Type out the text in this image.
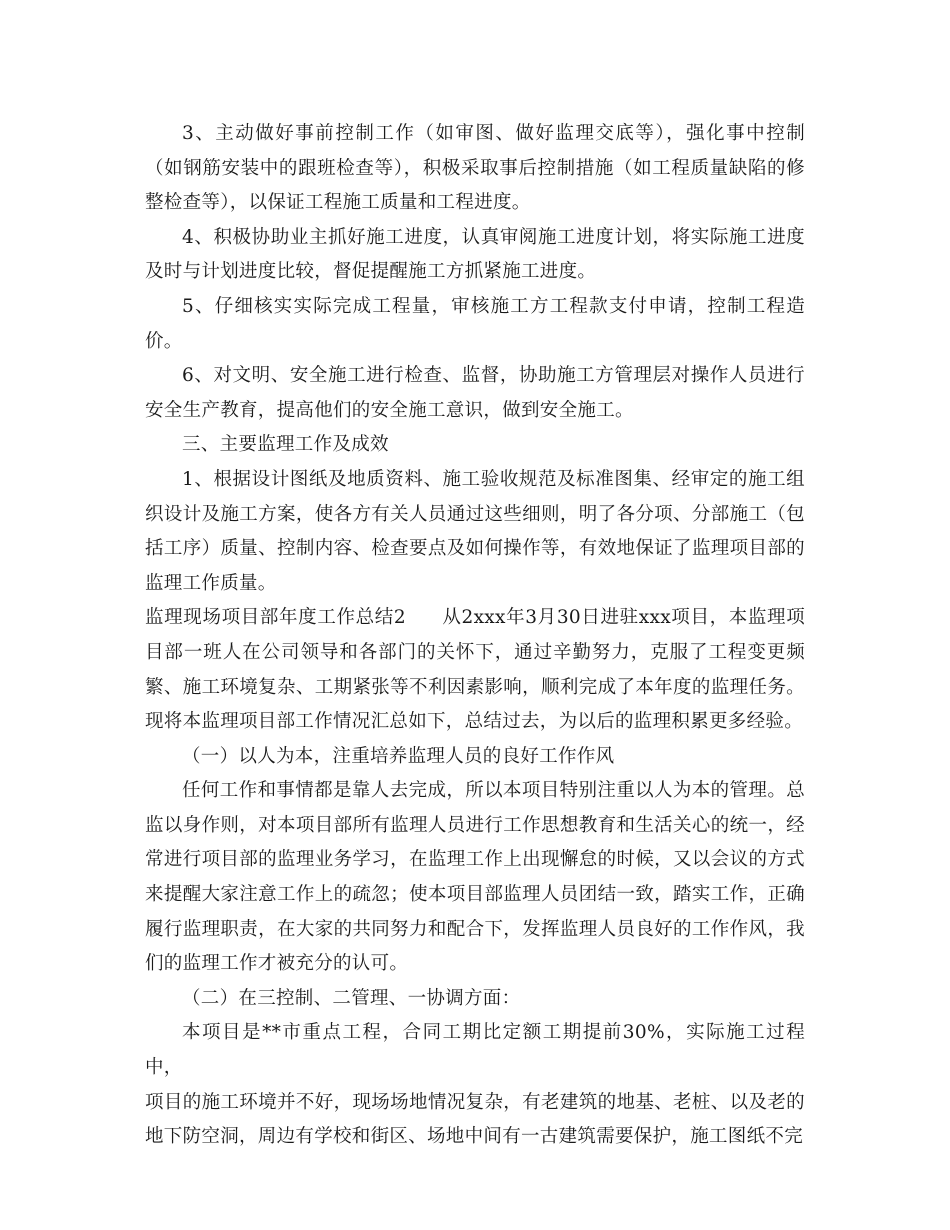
3、主动做好事前控制工作（如审图、做好监理交底等），强化事中控制（如钢筋安装中的跟班检查等），积极采取事后控制措施（如工程质量缺陷的修整检查等），以保证工程施工质量和工程进度。

4、积极协助业主抓好施工进度，认真审阅施工进度计划，将实际施工进度及时与计划进度比较，督促提醒施工方抓紧施工进度。

5、仔细核实实际完成工程量，审核施工方工程款支付申请，控制工程造价。

6、对文明、安全施工进行检查、监督，协助施工方管理层对操作人员进行安全生产教育，提高他们的安全施工意识，做到安全施工。

三、主要监理工作及成效

1、根据设计图纸及地质资料、施工验收规范及标准图集、经审定的施工组织设计及施工方案，使各方有关人员通过这些细则，明了各分项、分部施工（包括工序）质量、控制内容、检查要点及如何操作等，有效地保证了监理项目部的监理工作质量。

监理现场项目部年度工作总结2 从2xxx年3月30日进驻xxx项目，本监理项目部一班人在公司领导和各部门的关怀下，通过辛勤努力，克服了工程变更频繁、施工环境复杂、工期紧张等不利因素影响，顺利完成了本年度的监理任务。现将本监理项目部工作情况汇总如下，总结过去，为以后的监理积累更多经验。

（一）以人为本，注重培养监理人员的良好工作作风

任何工作和事情都是靠人去完成，所以本项目特别注重以人为本的管理。总监以身作则，对本项目部所有监理人员进行工作思想教育和生活关心的统一，经常进行项目部的监理业务学习，在监理工作上出现懈怠的时候，又以会议的方式来提醒大家注意工作上的疏忽；使本项目部监理人员团结一致，踏实工作，正确履行监理职责，在大家的共同努力和配合下，发挥监理人员良好的工作作风，我们的监理工作才被充分的认可。

（二）在三控制、二管理、一协调方面：

本项目是**市重点工程，合同工期比定额工期提前30%，实际施工过程中，

项目的施工环境并不好，现场场地情况复杂，有老建筑的地基、老桩、以及老的地下防空洞，周边有学校和街区、场地中间有一古建筑需要保护，施工图纸不完
